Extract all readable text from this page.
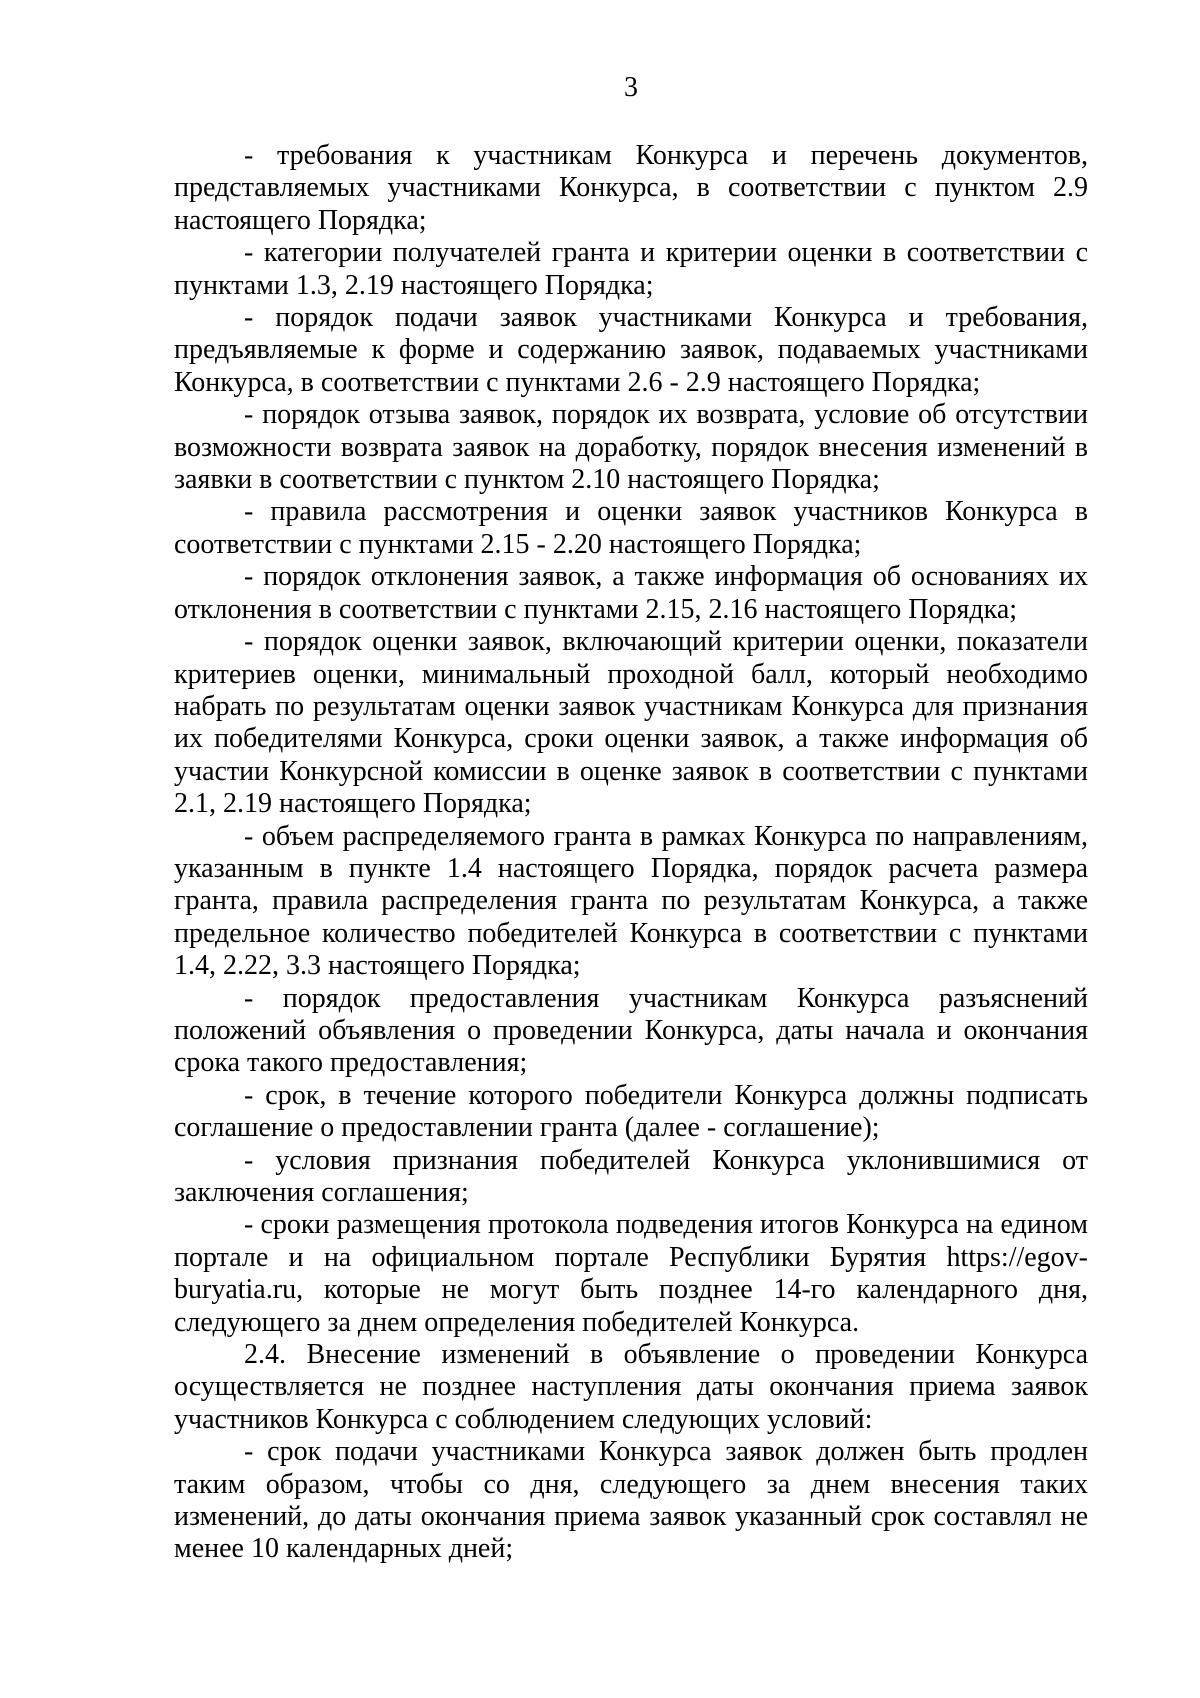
3

- требования к участникам Конкурса и перечень документов, представляемых участниками Конкурса, в соответствии с пунктом 2.9 настоящего Порядка;

- категории получателей гранта и критерии оценки в соответствии с пунктами 1.3, 2.19 настоящего Порядка;

- порядок подачи заявок участниками Конкурса и требования, предъявляемые к форме и содержанию заявок, подаваемых участниками Конкурса, в соответствии с пунктами 2.6 - 2.9 настоящего Порядка;

- порядок отзыва заявок, порядок их возврата, условие об отсутствии возможности возврата заявок на доработку, порядок внесения изменений в заявки в соответствии с пунктом 2.10 настоящего Порядка;

- правила рассмотрения и оценки заявок участников Конкурса в соответствии с пунктами 2.15 - 2.20 настоящего Порядка;

- порядок отклонения заявок, а также информация об основаниях их отклонения в соответствии с пунктами 2.15, 2.16 настоящего Порядка;

- порядок оценки заявок, включающий критерии оценки, показатели критериев оценки, минимальный проходной балл, который необходимо набрать по результатам оценки заявок участникам Конкурса для признания их победителями Конкурса, сроки оценки заявок, а также информация об участии Конкурсной комиссии в оценке заявок в соответствии с пунктами 2.1, 2.19 настоящего Порядка;

- объем распределяемого гранта в рамках Конкурса по направлениям, указанным в пункте 1.4 настоящего Порядка, порядок расчета размера гранта, правила распределения гранта по результатам Конкурса, а также предельное количество победителей Конкурса в соответствии с пунктами 1.4, 2.22, 3.3 настоящего Порядка;

- порядок предоставления участникам Конкурса разъяснений положений объявления о проведении Конкурса, даты начала и окончания срока такого предоставления;

- срок, в течение которого победители Конкурса должны подписать соглашение о предоставлении гранта (далее - соглашение);

- условия признания победителей Конкурса уклонившимися от заключения соглашения;

- сроки размещения протокола подведения итогов Конкурса на едином портале и на официальном портале Республики Бурятия https://egov-buryatia.ru, которые не могут быть позднее 14-го календарного дня, следующего за днем определения победителей Конкурса.

2.4. Внесение изменений в объявление о проведении Конкурса осуществляется не позднее наступления даты окончания приема заявок участников Конкурса с соблюдением следующих условий:

- срок подачи участниками Конкурса заявок должен быть продлен таким образом, чтобы со дня, следующего за днем внесения таких изменений, до даты окончания приема заявок указанный срок составлял не менее 10 календарных дней;
